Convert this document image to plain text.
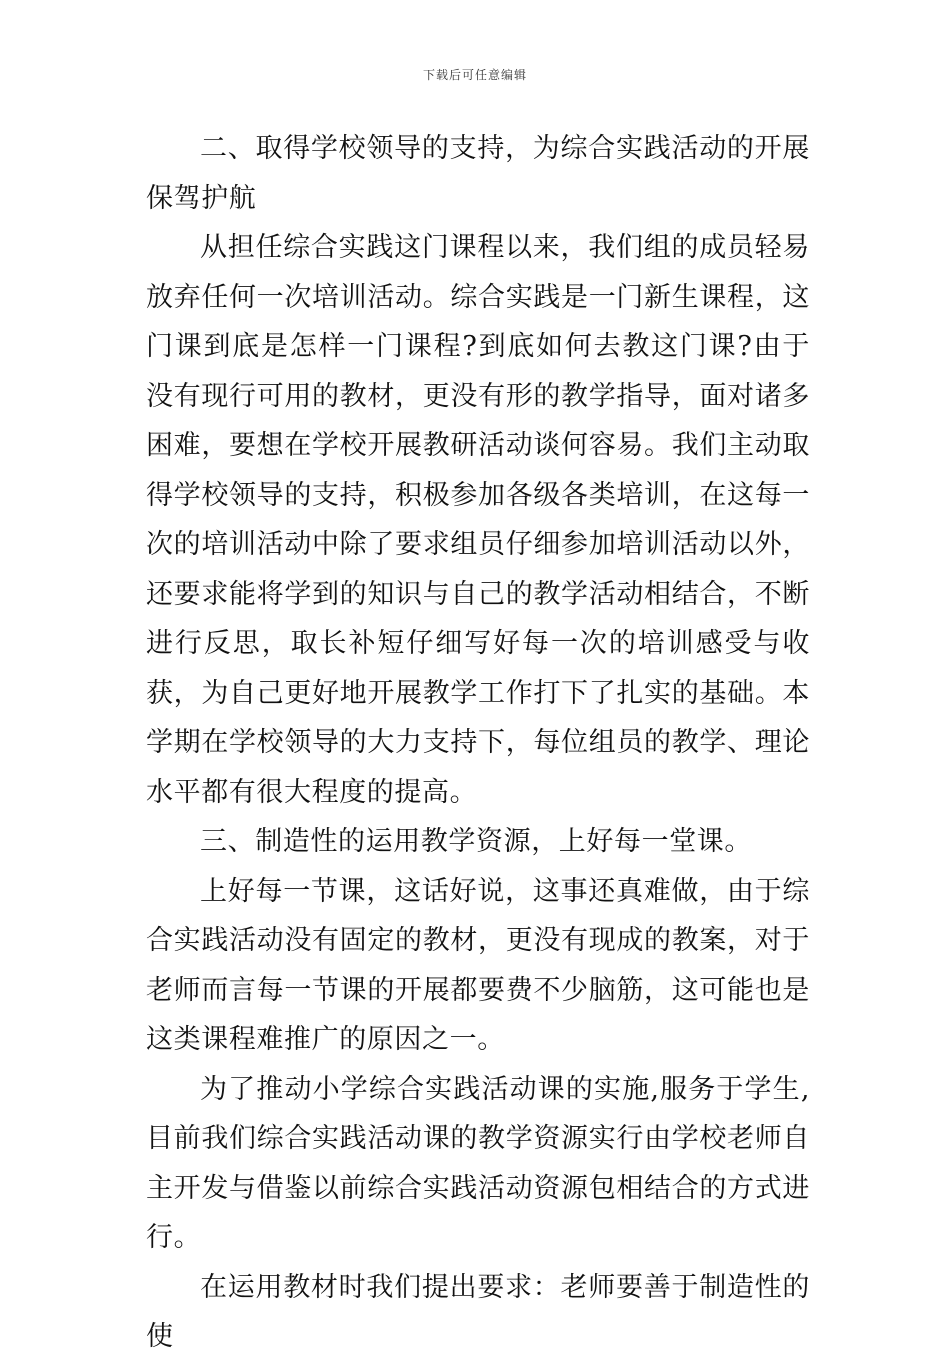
下载后可任意编辑

二、取得学校领导的支持，为综合实践活动的开展保驾护航

从担任综合实践这门课程以来，我们组的成员轻易放弃任何一次培训活动。综合实践是一门新生课程，这门课到底是怎样一门课程?到底如何去教这门课?由于没有现行可用的教材，更没有形的教学指导，面对诸多困难，要想在学校开展教研活动谈何容易。我们主动取得学校领导的支持，积极参加各级各类培训，在这每一次的培训活动中除了要求组员仔细参加培训活动以外，还要求能将学到的知识与自己的教学活动相结合，不断进行反思，取长补短仔细写好每一次的培训感受与收获，为自己更好地开展教学工作打下了扎实的基础。本学期在学校领导的大力支持下，每位组员的教学、理论水平都有很大程度的提高。

三、制造性的运用教学资源，上好每一堂课。

上好每一节课，这话好说，这事还真难做，由于综合实践活动没有固定的教材，更没有现成的教案，对于老师而言每一节课的开展都要费不少脑筋，这可能也是这类课程难推广的原因之一。

为了推动小学综合实践活动课的实施,服务于学生,目前我们综合实践活动课的教学资源实行由学校老师自主开发与借鉴以前综合实践活动资源包相结合的方式进行。

在运用教材时我们提出要求：老师要善于制造性的使
